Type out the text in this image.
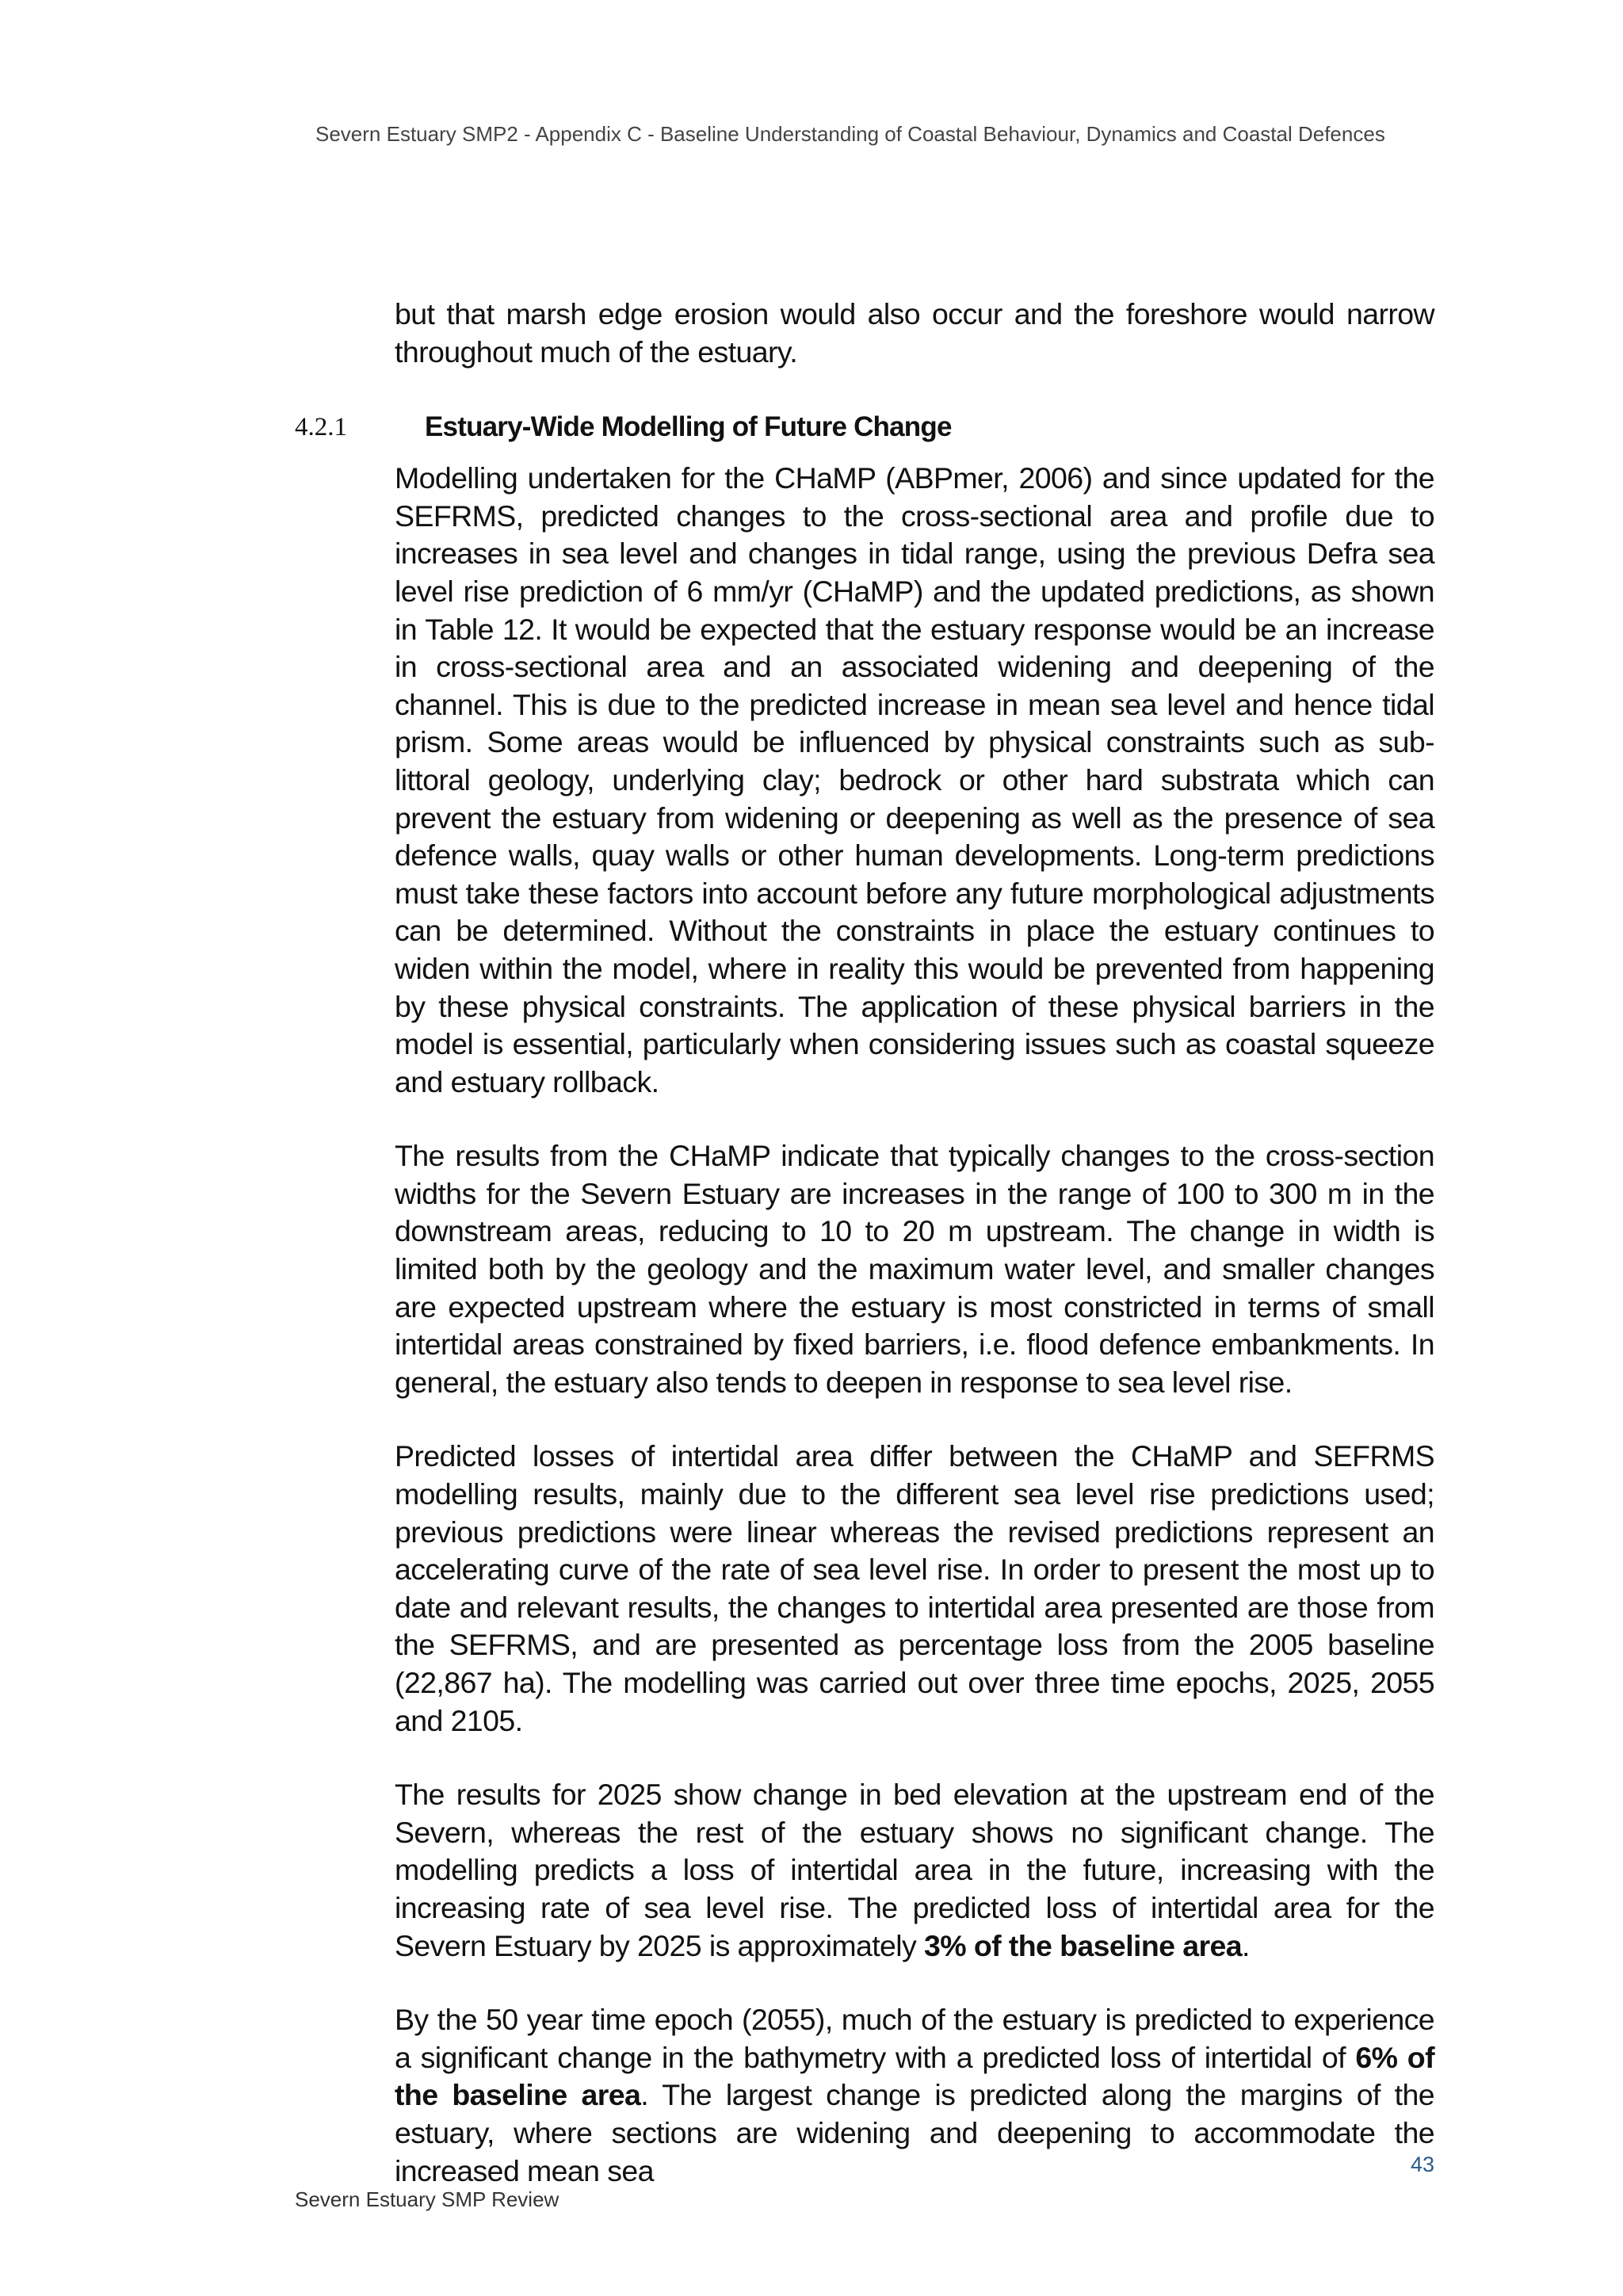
Severn Estuary SMP2 - Appendix C - Baseline Understanding of Coastal Behaviour, Dynamics and Coastal Defences
4.2.1	Estuary-Wide Modelling of Future Change

but that marsh edge erosion would also occur and the foreshore would narrow throughout much of the estuary.

Modelling undertaken for the CHaMP (ABPmer, 2006) and since updated for the SEFRMS, predicted changes to the cross-sectional area and profile due to increases in sea level and changes in tidal range, using the previous Defra sea level rise prediction of 6 mm/yr (CHaMP) and the updated predictions, as shown in Table 12. It would be expected that the estuary response would be an increase in cross-sectional area and an associated widening and deepening of the channel. This is due to the predicted increase in mean sea level and hence tidal prism. Some areas would be influenced by physical constraints such as sub-littoral geology, underlying clay; bedrock or other hard substrata which can prevent the estuary from widening or deepening as well as the presence of sea defence walls, quay walls or other human developments. Long-term predictions must take these factors into account before any future morphological adjustments can be determined. Without the constraints in place the estuary continues to widen within the model, where in reality this would be prevented from happening by these physical constraints. The application of these physical barriers in the model is essential, particularly when considering issues such as coastal squeeze and estuary rollback.

The results from the CHaMP indicate that typically changes to the cross-section widths for the Severn Estuary are increases in the range of 100 to 300 m in the downstream areas, reducing to 10 to 20 m upstream. The change in width is limited both by the geology and the maximum water level, and smaller changes are expected upstream where the estuary is most constricted in terms of small intertidal areas constrained by fixed barriers, i.e. flood defence embankments. In general, the estuary also tends to deepen in response to sea level rise.

Predicted losses of intertidal area differ between the CHaMP and SEFRMS modelling results, mainly due to the different sea level rise predictions used; previous predictions were linear whereas the revised predictions represent an accelerating curve of the rate of sea level rise. In order to present the most up to date and relevant results, the changes to intertidal area presented are those from the SEFRMS, and are presented as percentage loss from the 2005 baseline (22,867 ha). The modelling was carried out over three time epochs, 2025, 2055 and 2105.

The results for 2025 show change in bed elevation at the upstream end of the Severn, whereas the rest of the estuary shows no significant change. The modelling predicts a loss of intertidal area in the future, increasing with the increasing rate of sea level rise. The predicted loss of intertidal area for the Severn Estuary by 2025 is approximately 3% of the baseline area.

By the 50 year time epoch (2055), much of the estuary is predicted to experience a significant change in the bathymetry with a predicted loss of intertidal of 6% of the baseline area. The largest change is predicted along the margins of the estuary, where sections are widening and deepening to accommodate the increased mean sea	43
Severn Estuary SMP Review
